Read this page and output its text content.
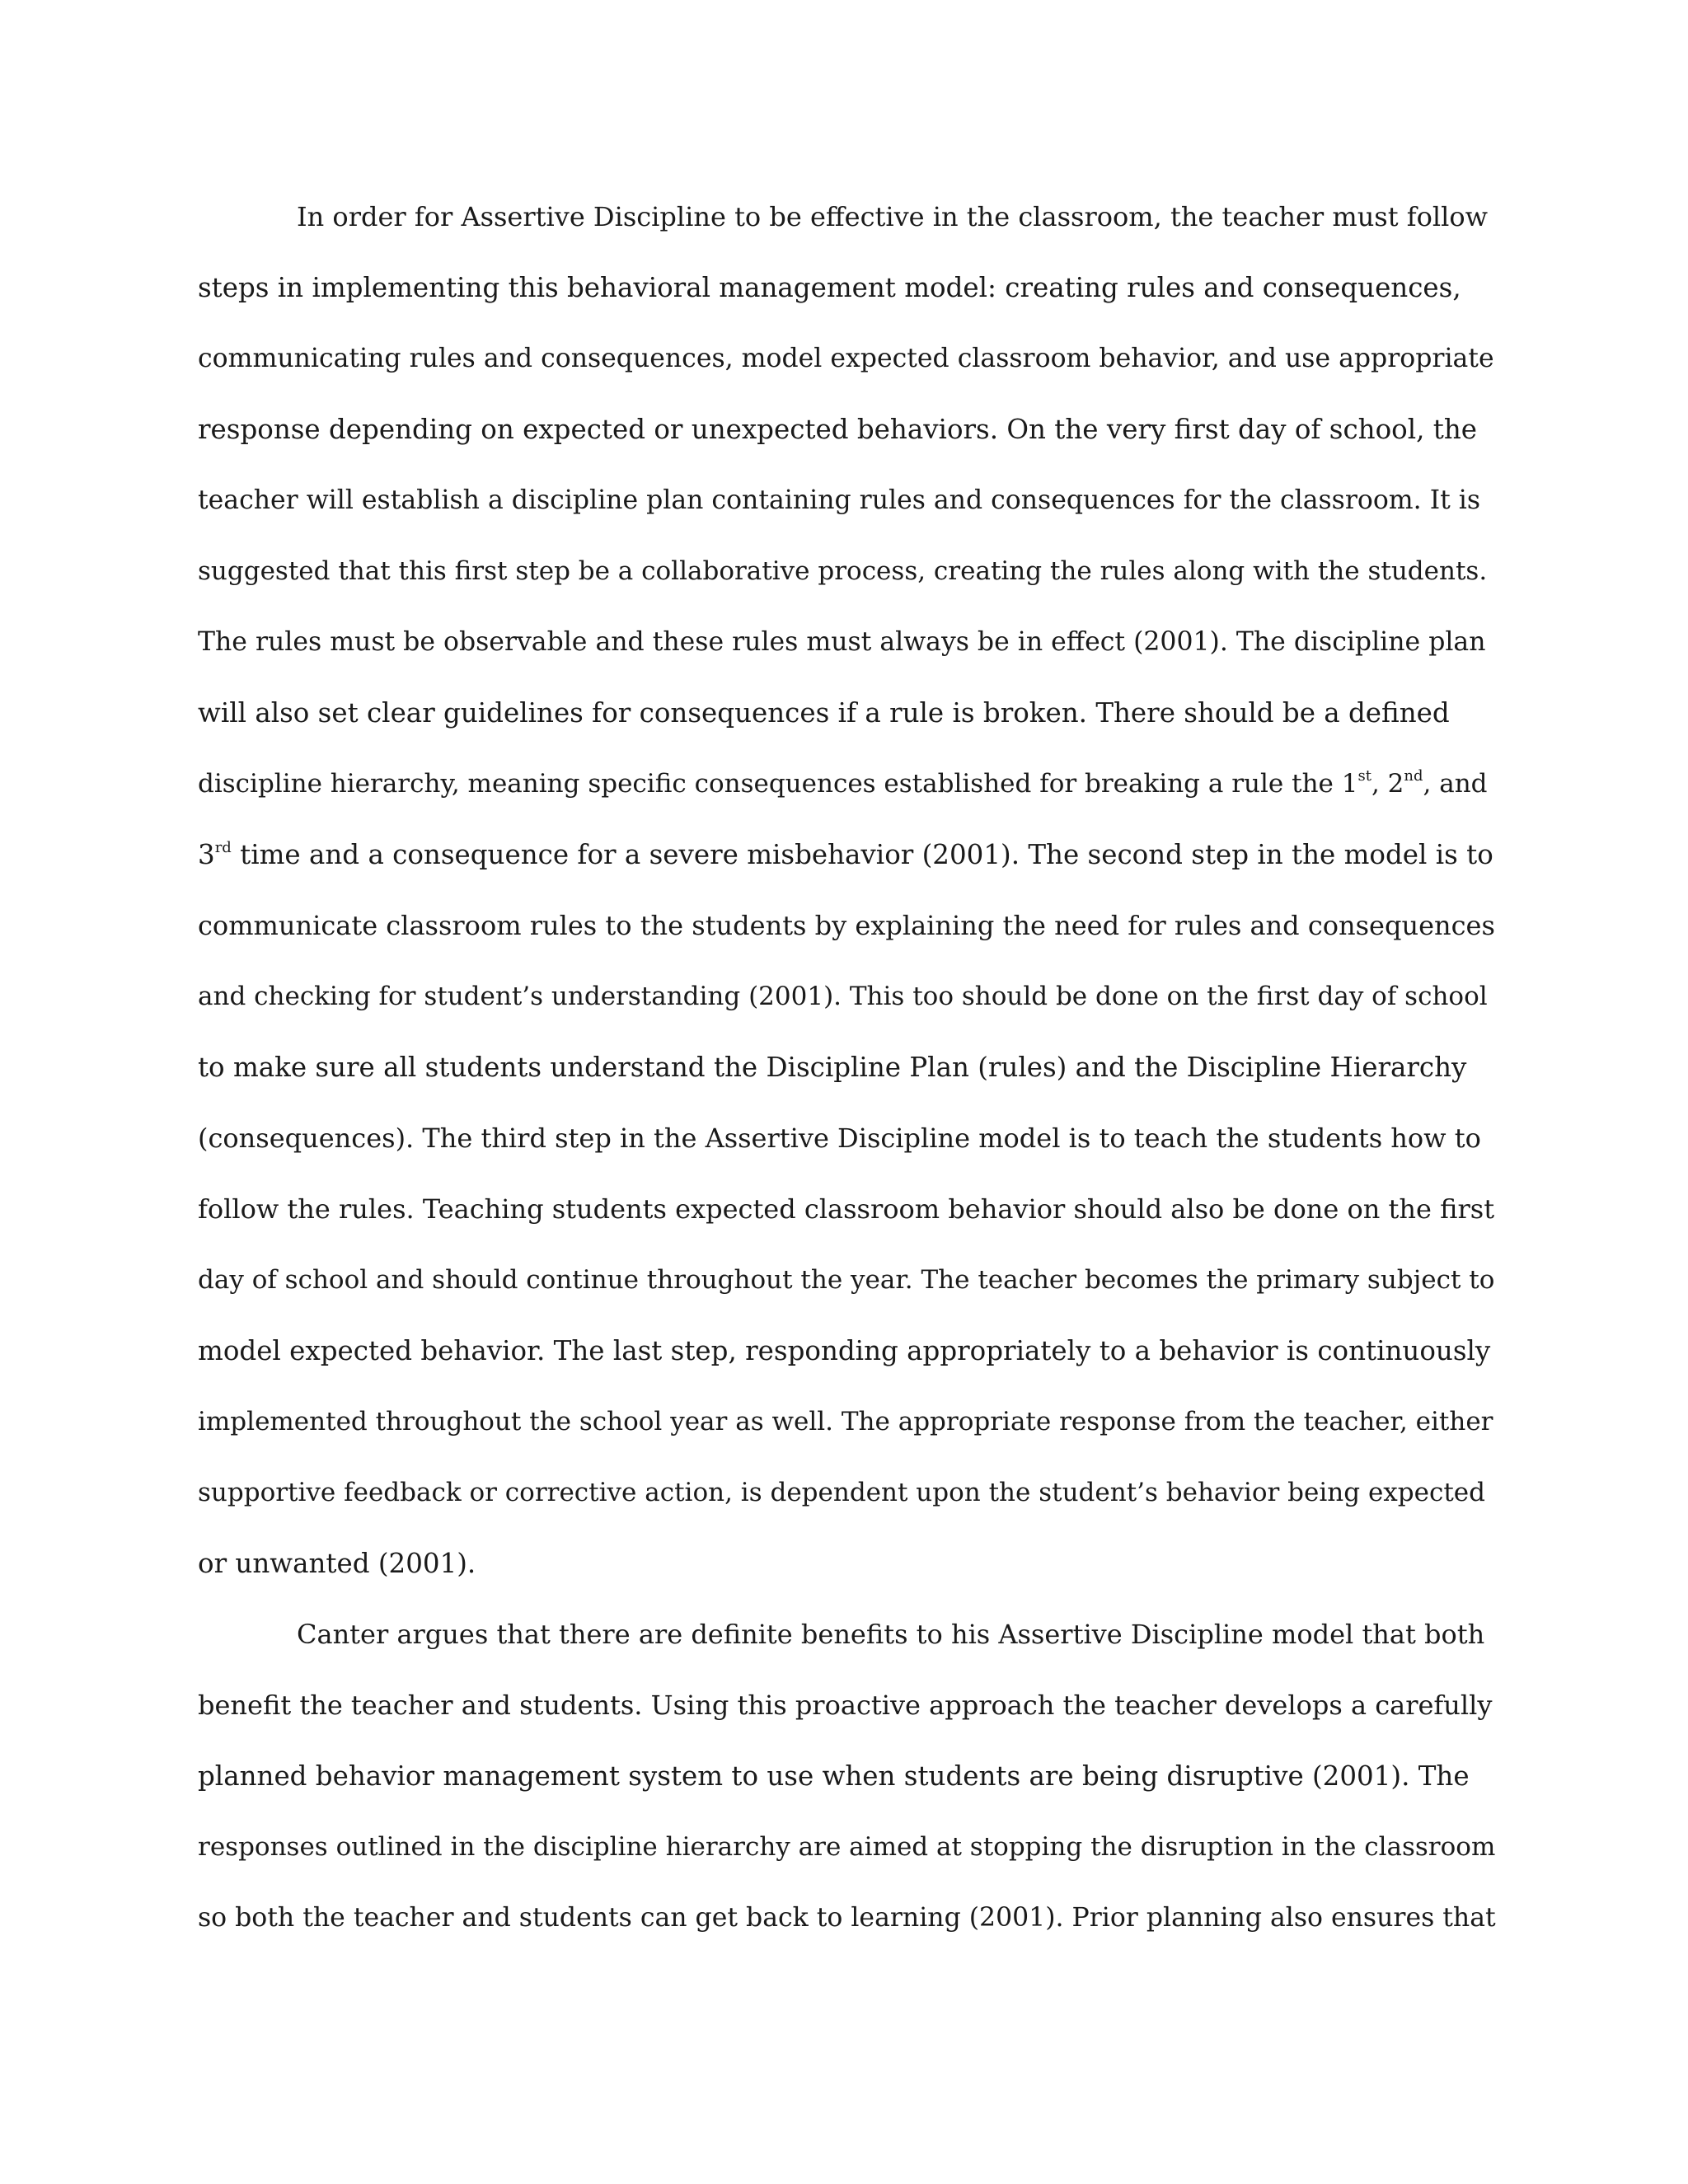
In order for Assertive Discipline to be effective in the classroom, the teacher must follow
steps in implementing this behavioral management model: creating rules and consequences,
communicating rules and consequences, model expected classroom behavior, and use appropriate
response depending on expected or unexpected behaviors. On the very first day of school, the
teacher will establish a discipline plan containing rules and consequences for the classroom. It is
suggested that this first step be a collaborative process, creating the rules along with the students.
The rules must be observable and these rules must always be in effect (2001). The discipline plan
will also set clear guidelines for consequences if a rule is broken. There should be a defined
discipline hierarchy, meaning specific consequences established for breaking a rule the 1st, 2nd, and
3rd time and a consequence for a severe misbehavior (2001). The second step in the model is to
communicate classroom rules to the students by explaining the need for rules and consequences
and checking for student’s understanding (2001). This too should be done on the first day of school
to make sure all students understand the Discipline Plan (rules) and the Discipline Hierarchy
(consequences). The third step in the Assertive Discipline model is to teach the students how to
follow the rules. Teaching students expected classroom behavior should also be done on the first
day of school and should continue throughout the year. The teacher becomes the primary subject to
model expected behavior. The last step, responding appropriately to a behavior is continuously
implemented throughout the school year as well. The appropriate response from the teacher, either
supportive feedback or corrective action, is dependent upon the student’s behavior being expected
or unwanted (2001).
Canter argues that there are definite benefits to his Assertive Discipline model that both
benefit the teacher and students. Using this proactive approach the teacher develops a carefully
planned behavior management system to use when students are being disruptive (2001). The
responses outlined in the discipline hierarchy are aimed at stopping the disruption in the classroom
so both the teacher and students can get back to learning (2001). Prior planning also ensures that
